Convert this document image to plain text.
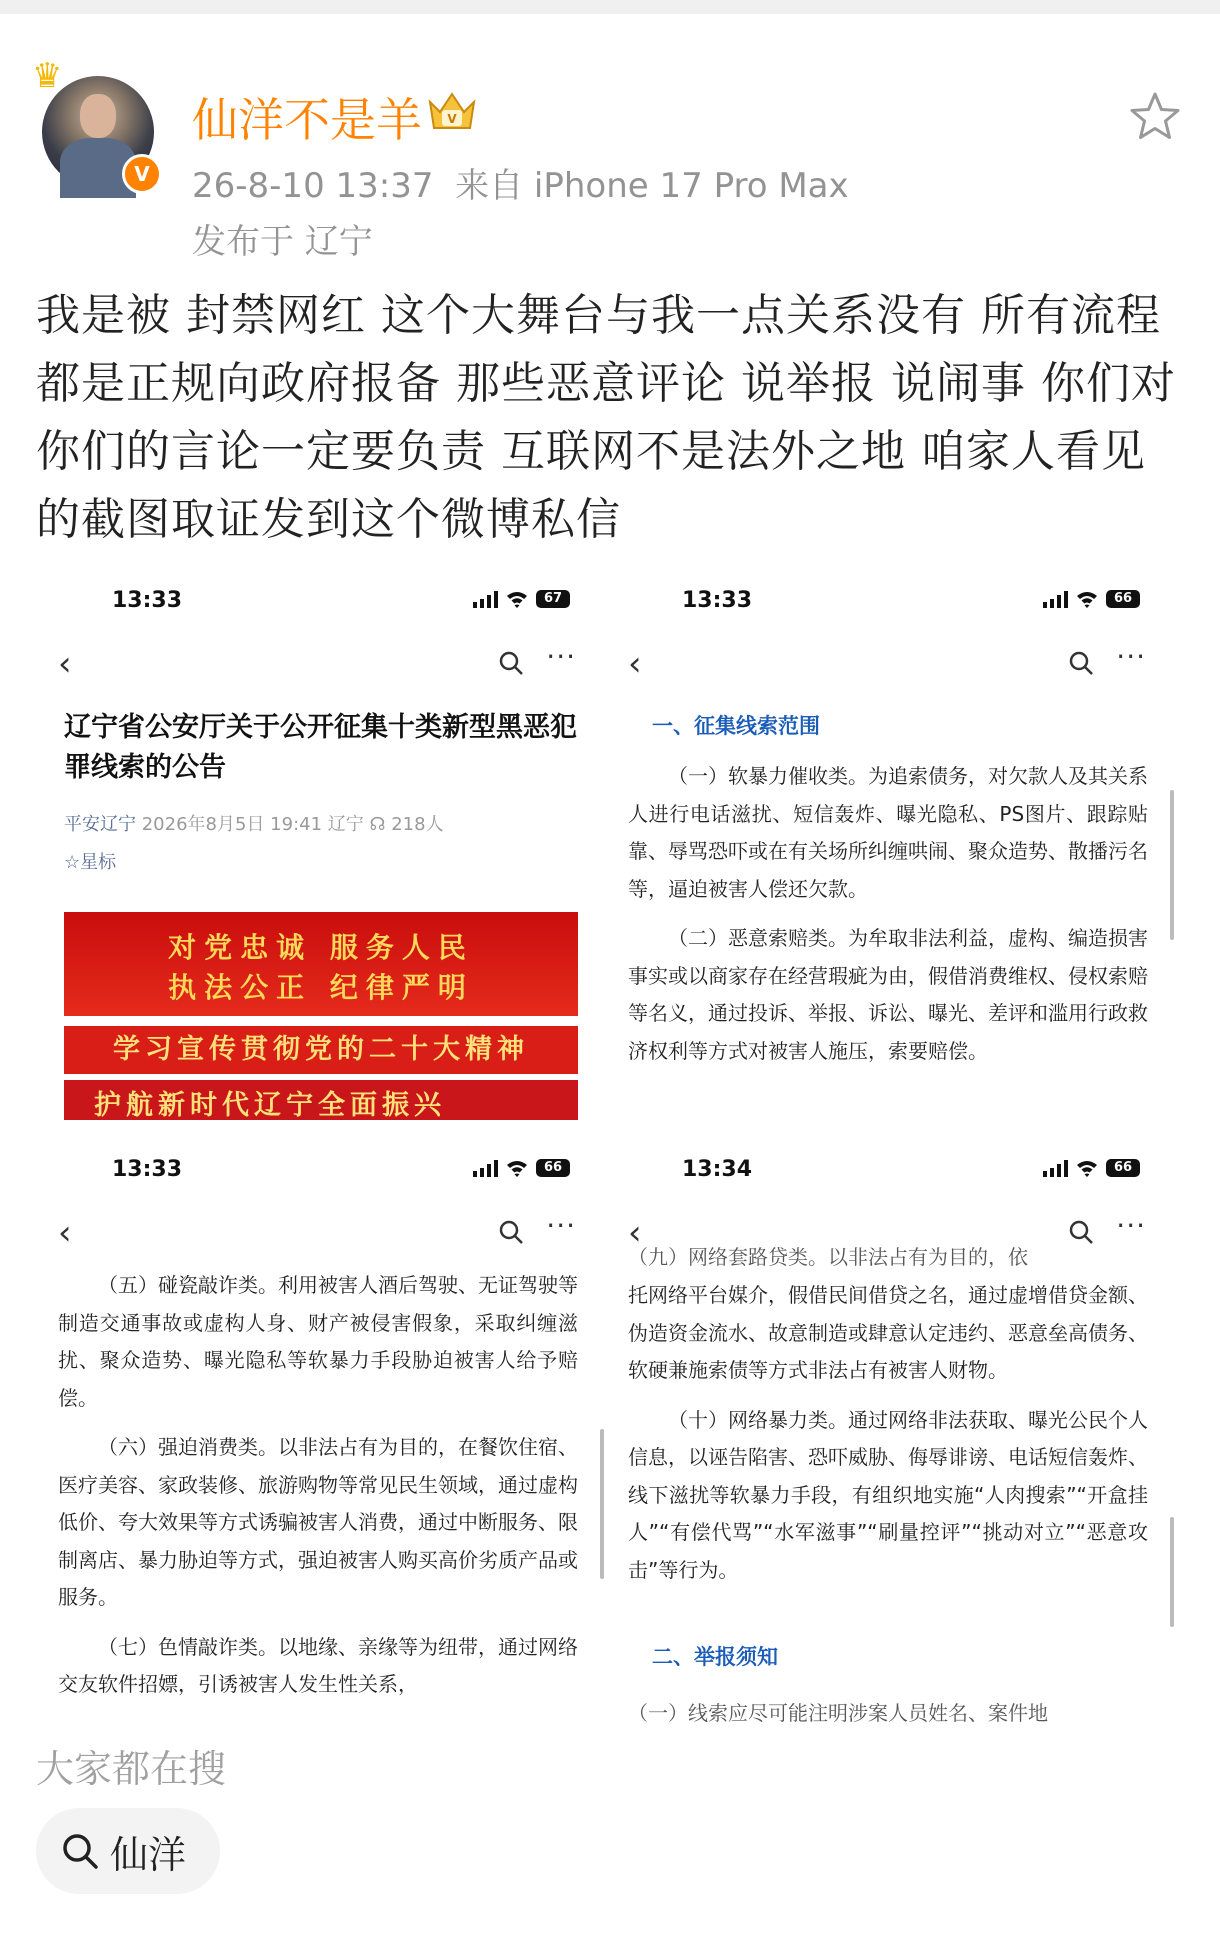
♛
V
仙洋不是羊 V
26-8-10 13:37 来自 iPhone 17 Pro Max
发布于 辽宁
我是被 封禁网红 这个大舞台与我一点关系没有 所有流程都是正规向政府报备 那些恶意评论 说举报 说闹事 你们对你们的言论一定要负责 互联网不是法外之地 咱家人看见的截图取证发到这个微博私信
13:33	67
‹	···
辽宁省公安厅关于公开征集十类新型黑恶犯罪线索的公告
平安辽宁 2026年8月5日 19:41 辽宁 ☊ 218人
☆星标
对党忠诚 服务人民
执法公正 纪律严明
学习宣传贯彻党的二十大精神
护航新时代辽宁全面振兴
13:33	66
‹	···
一、征集线索范围

（一）软暴力催收类。为追索债务，对欠款人及其关系人进行电话滋扰、短信轰炸、曝光隐私、PS图片、跟踪贴靠、辱骂恐吓或在有关场所纠缠哄闹、聚众造势、散播污名等，逼迫被害人偿还欠款。

（二）恶意索赔类。为牟取非法利益，虚构、编造损害事实或以商家存在经营瑕疵为由，假借消费维权、侵权索赔等名义，通过投诉、举报、诉讼、曝光、差评和滥用行政救济权利等方式对被害人施压，索要赔偿。

13:33	66
‹	···

（五）碰瓷敲诈类。利用被害人酒后驾驶、无证驾驶等制造交通事故或虚构人身、财产被侵害假象，采取纠缠滋扰、聚众造势、曝光隐私等软暴力手段胁迫被害人给予赔偿。

（六）强迫消费类。以非法占有为目的，在餐饮住宿、医疗美容、家政装修、旅游购物等常见民生领域，通过虚构低价、夸大效果等方式诱骗被害人消费，通过中断服务、限制离店、暴力胁迫等方式，强迫被害人购买高价劣质产品或服务。

（七）色情敲诈类。以地缘、亲缘等为纽带，通过网络交友软件招嫖，引诱被害人发生性关系，

13:34	66
‹	···
（九）网络套路贷类。以非法占有为目的，依

托网络平台媒介，假借民间借贷之名，通过虚增借贷金额、伪造资金流水、故意制造或肆意认定违约、恶意垒高债务、软硬兼施索债等方式非法占有被害人财物。

（十）网络暴力类。通过网络非法获取、曝光公民个人信息，以诬告陷害、恐吓威胁、侮辱诽谤、电话短信轰炸、线下滋扰等软暴力手段，有组织地实施“人肉搜索”“开盒挂人”“有偿代骂”“水军滋事”“刷量控评”“挑动对立”“恶意攻击”等行为。

二、举报须知
（一）线索应尽可能注明涉案人员姓名、案件地
大家都在搜
仙洋
